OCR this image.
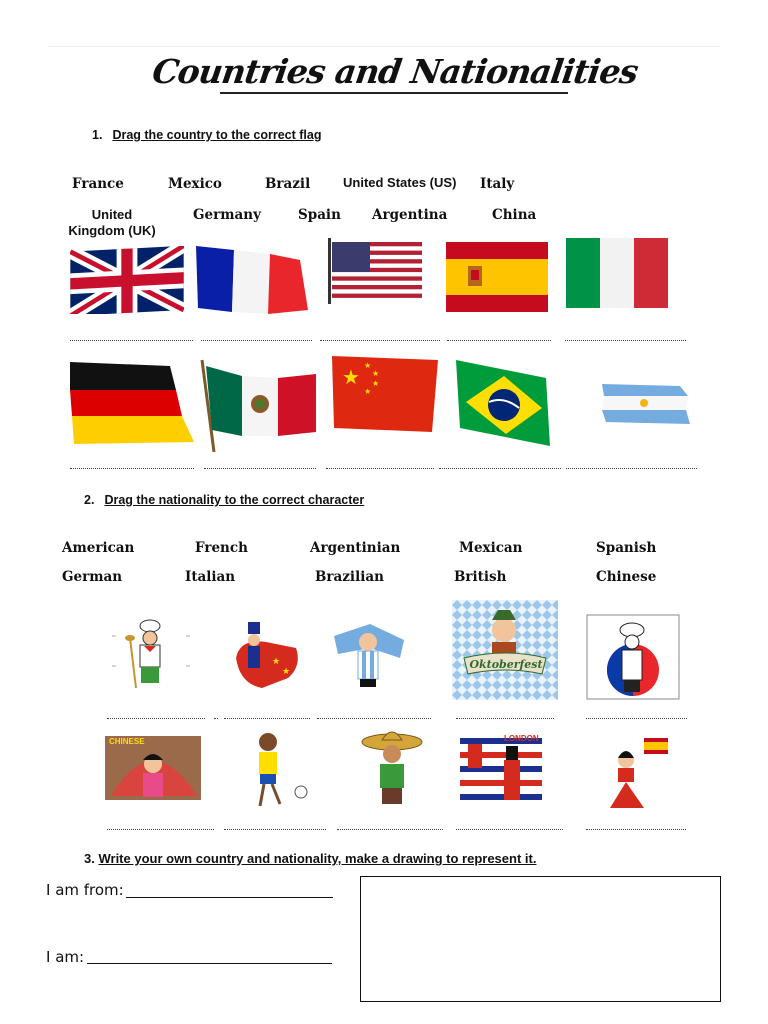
Countries and Nationalities
1. Drag the country to the correct flag
France	Mexico	Brazil	United States (US) Italy
United Kingdom (UK)
Germany	Spain Argentina	China
★ ★
★
★
★
2. Drag the nationality to the correct character
American	French	Argentinian	Mexican	Spanish
German	Italian	Brazilian	British	Chinese
★
★
Oktoberfest
CHINESE	LONDON
3. Write your own country and nationality, make a drawing to represent it.
I am from:
I am:
